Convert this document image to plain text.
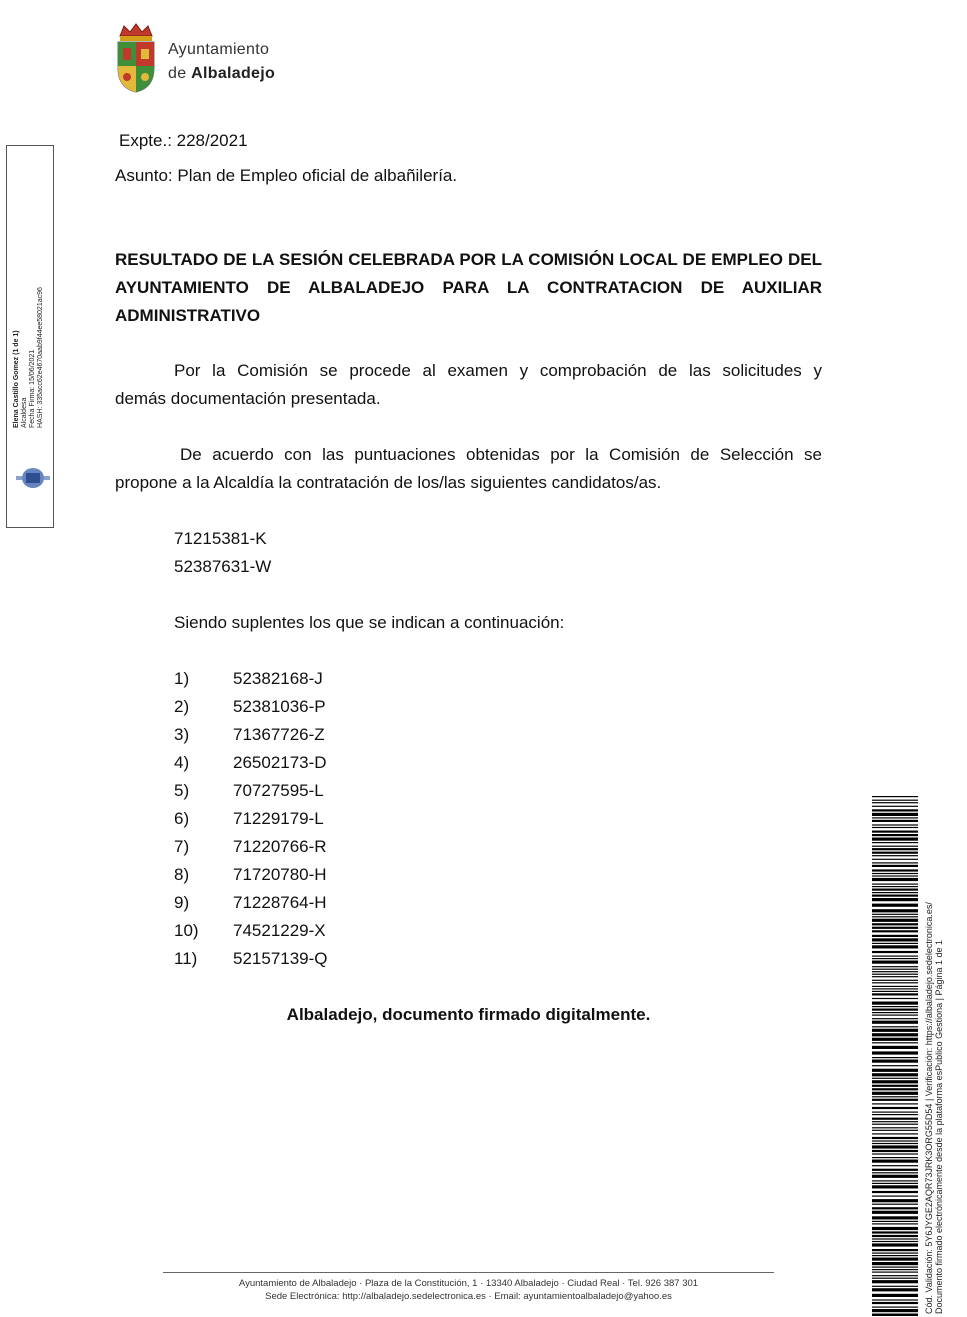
Ayuntamiento
de Albaladejo
Elena Castillo Gomez (1 de 1) Alcaldesa Fecha Firma: 15/06/2021 HASH: 335acc62e4670aab9f44ee58021ac96
Expte.: 228/2021
Asunto: Plan de Empleo oficial de albañilería.
RESULTADO DE LA SESIÓN CELEBRADA POR LA COMISIÓN LOCAL DE EMPLEO DEL
AYUNTAMIENTO DE ALBALADEJO PARA LA CONTRATACION DE AUXILIAR
ADMINISTRATIVO
Por la Comisión se procede al examen y comprobación de las solicitudes y
demás documentación presentada.
De acuerdo con las puntuaciones obtenidas por la Comisión de Selección se
propone a la Alcaldía la contratación de los/las siguientes candidatos/as.
71215381-K
52387631-W
Siendo suplentes los que se indican a continuación:
1)	52382168-J
2)	52381036-P
3)	71367726-Z
4)	26502173-D
5)	70727595-L
6)	71229179-L
7)	71220766-R
8)	71720780-H
9)	71228764-H
10) 74521229-X
11) 52157139-Q
Albaladejo, documento firmado digitalmente.	Cód. Validación: 5Y6JYGE2AQR73JRK3ORG55D54 | Verificación: https://albaladejo.sedelectronica.es/ Documento firmado electrónicamente desde la plataforma esPublico Gestiona | Página 1 de 1
Ayuntamiento de Albaladejo · Plaza de la Constitución, 1 · 13340 Albaladejo · Ciudad Real · Tel. 926 387 301
Sede Electrónica: http://albaladejo.sedelectronica.es · Email: ayuntamientoalbaladejo@yahoo.es
